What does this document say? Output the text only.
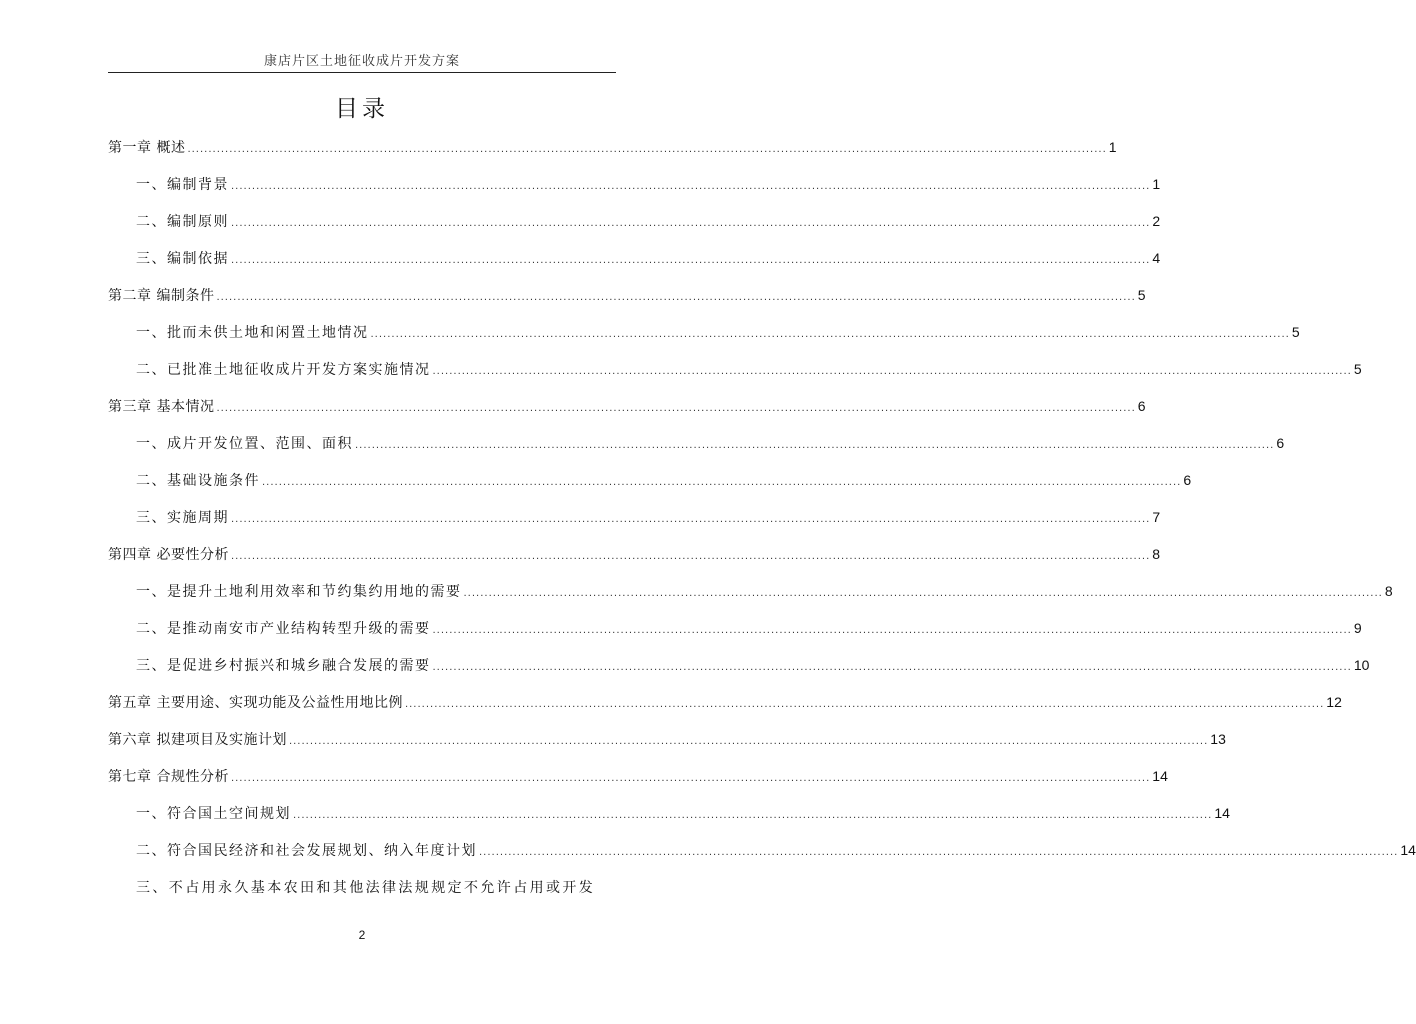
康店片区土地征收成片开发方案
目录
第一章 概述 ............................................................................................................................................................................................................................ 1
一、编制背景 ............................................................................................................................................................................................................................ 1
二、编制原则 ............................................................................................................................................................................................................................ 2
三、编制依据 ............................................................................................................................................................................................................................ 4
第二章 编制条件 ............................................................................................................................................................................................................................ 5
一、批而未供土地和闲置土地情况 ............................................................................................................................................................................................................................ 5
二、已批准土地征收成片开发方案实施情况 ............................................................................................................................................................................................................................ 5
第三章 基本情况 ............................................................................................................................................................................................................................ 6
一、成片开发位置、范围、面积 ............................................................................................................................................................................................................................ 6
二、基础设施条件 ............................................................................................................................................................................................................................ 6
三、实施周期 ............................................................................................................................................................................................................................ 7
第四章 必要性分析 ............................................................................................................................................................................................................................ 8
一、是提升土地利用效率和节约集约用地的需要 ............................................................................................................................................................................................................................ 8
二、是推动南安市产业结构转型升级的需要 ............................................................................................................................................................................................................................ 9
三、是促进乡村振兴和城乡融合发展的需要 ............................................................................................................................................................................................................................ 10
第五章 主要用途、实现功能及公益性用地比例 ............................................................................................................................................................................................................................ 12
第六章 拟建项目及实施计划 ............................................................................................................................................................................................................................ 13
第七章 合规性分析 ............................................................................................................................................................................................................................ 14
一、符合国土空间规划 ............................................................................................................................................................................................................................ 14
二、符合国民经济和社会发展规划、纳入年度计划 ............................................................................................................................................................................................................................ 14
三、不占用永久基本农田和其他法律法规规定不允许占用或开发
2
